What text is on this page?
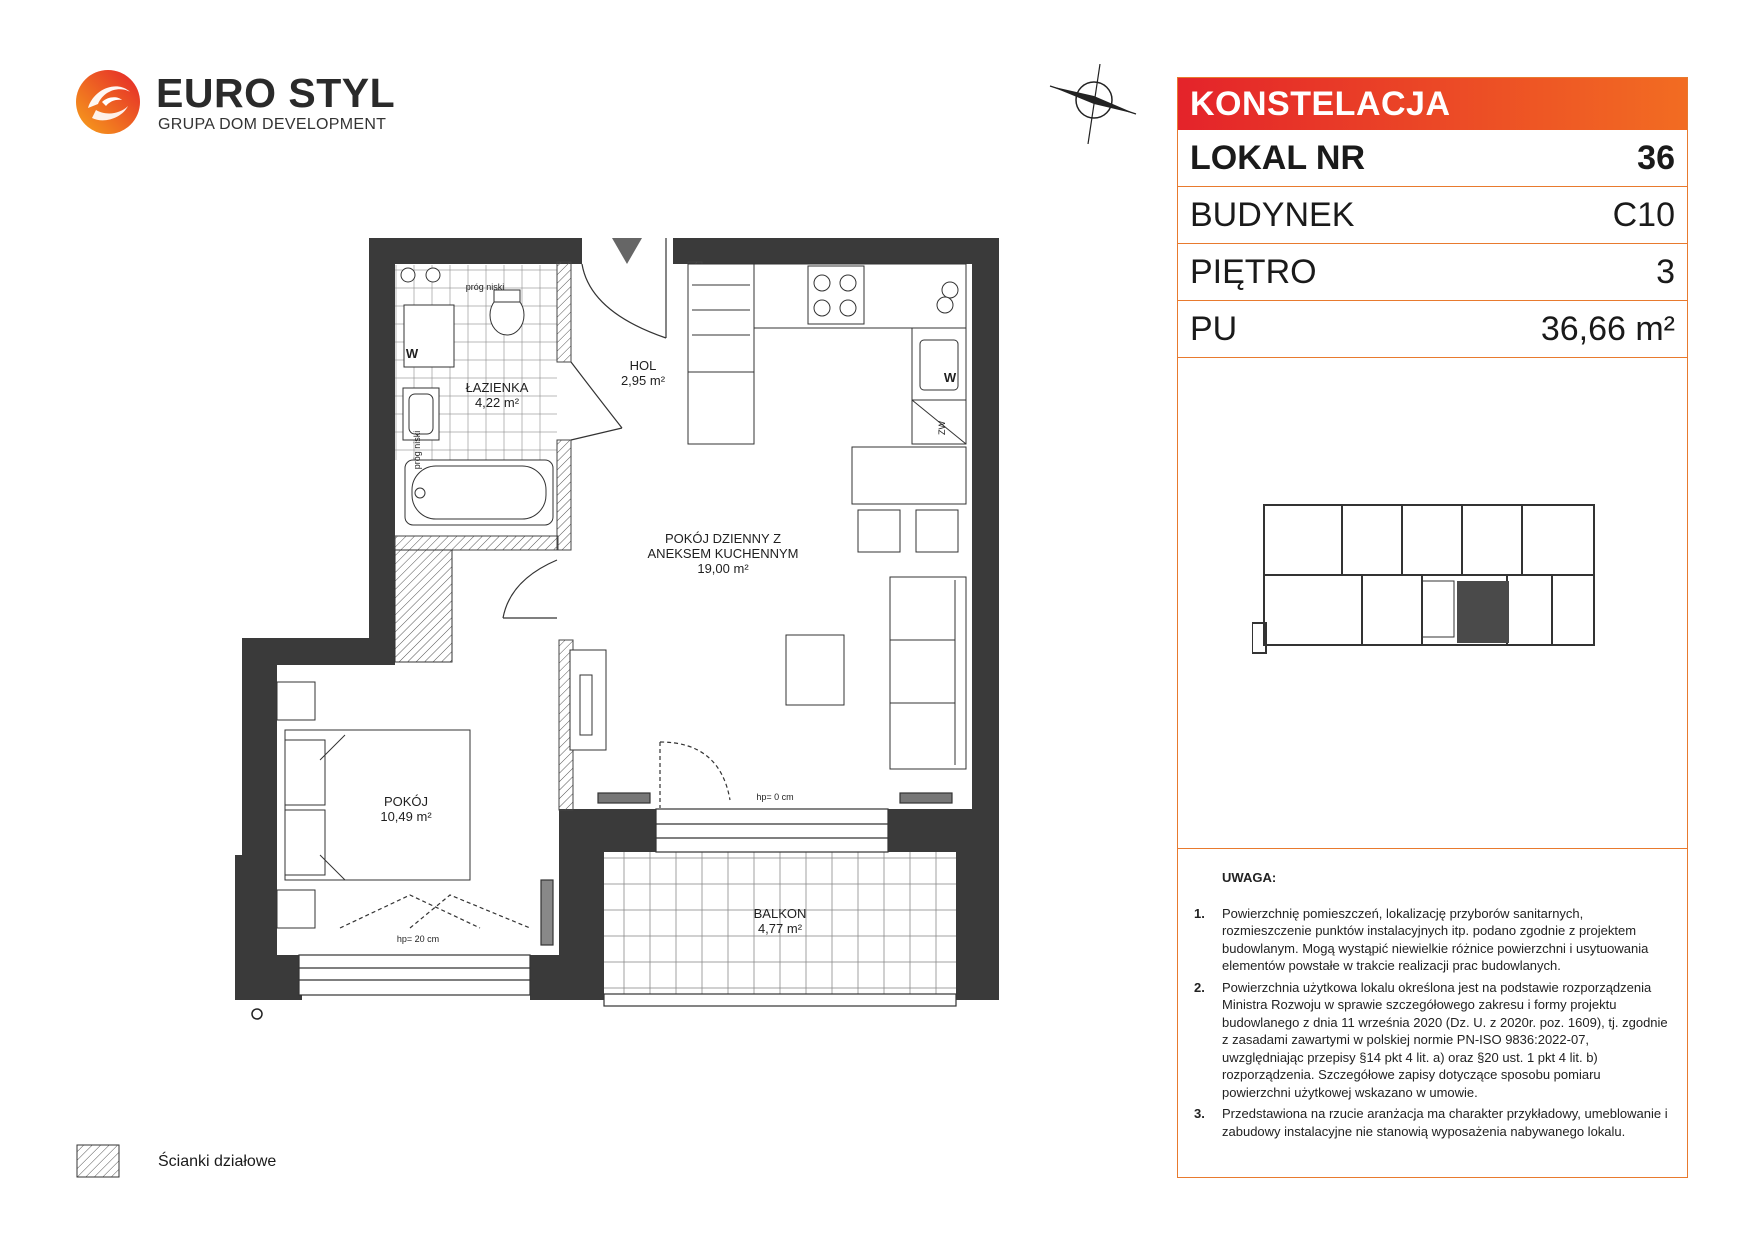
EURO STYL
GRUPA DOM DEVELOPMENT
ŁAZIENKA
4,22 m²
HOL
2,95 m²
POKÓJ DZIENNY Z
ANEKSEM KUCHENNYM
19,00 m²
POKÓJ
10,49 m²
BALKON
4,77 m²
próg niski
próg niski
hp= 0 cm
hp= 20 cm
W
W
ZW
KONSTELACJA
LOKAL NR	36
BUDYNEK	C10
PIĘTRO	3
PU	36,66 m²
UWAGA:
1.	Powierzchnię pomieszczeń, lokalizację przyborów sanitarnych, rozmieszczenie punktów instalacyjnych itp. podano zgodnie z projektem budowlanym. Mogą wystąpić niewielkie różnice powierzchni i usytuowania elementów powstałe w trakcie realizacji prac budowlanych.
2.	Powierzchnia użytkowa lokalu określona jest na podstawie rozporządzenia Ministra Rozwoju w sprawie szczegółowego zakresu i formy projektu budowlanego z dnia 11 września 2020 (Dz. U. z 2020r. poz. 1609), tj. zgodnie z zasadami zawartymi w polskiej normie PN-ISO 9836:2022-07, uwzględniając przepisy §14 pkt 4 lit. a) oraz §20 ust. 1 pkt 4 lit. b) rozporządzenia. Szczegółowe zapisy dotyczące sposobu pomiaru powierzchni użytkowej wskazano w umowie.
3.	Przedstawiona na rzucie aranżacja ma charakter przykładowy, umeblowanie i zabudowy instalacyjne nie stanowią wyposażenia nabywanego lokalu.
Ścianki działowe
